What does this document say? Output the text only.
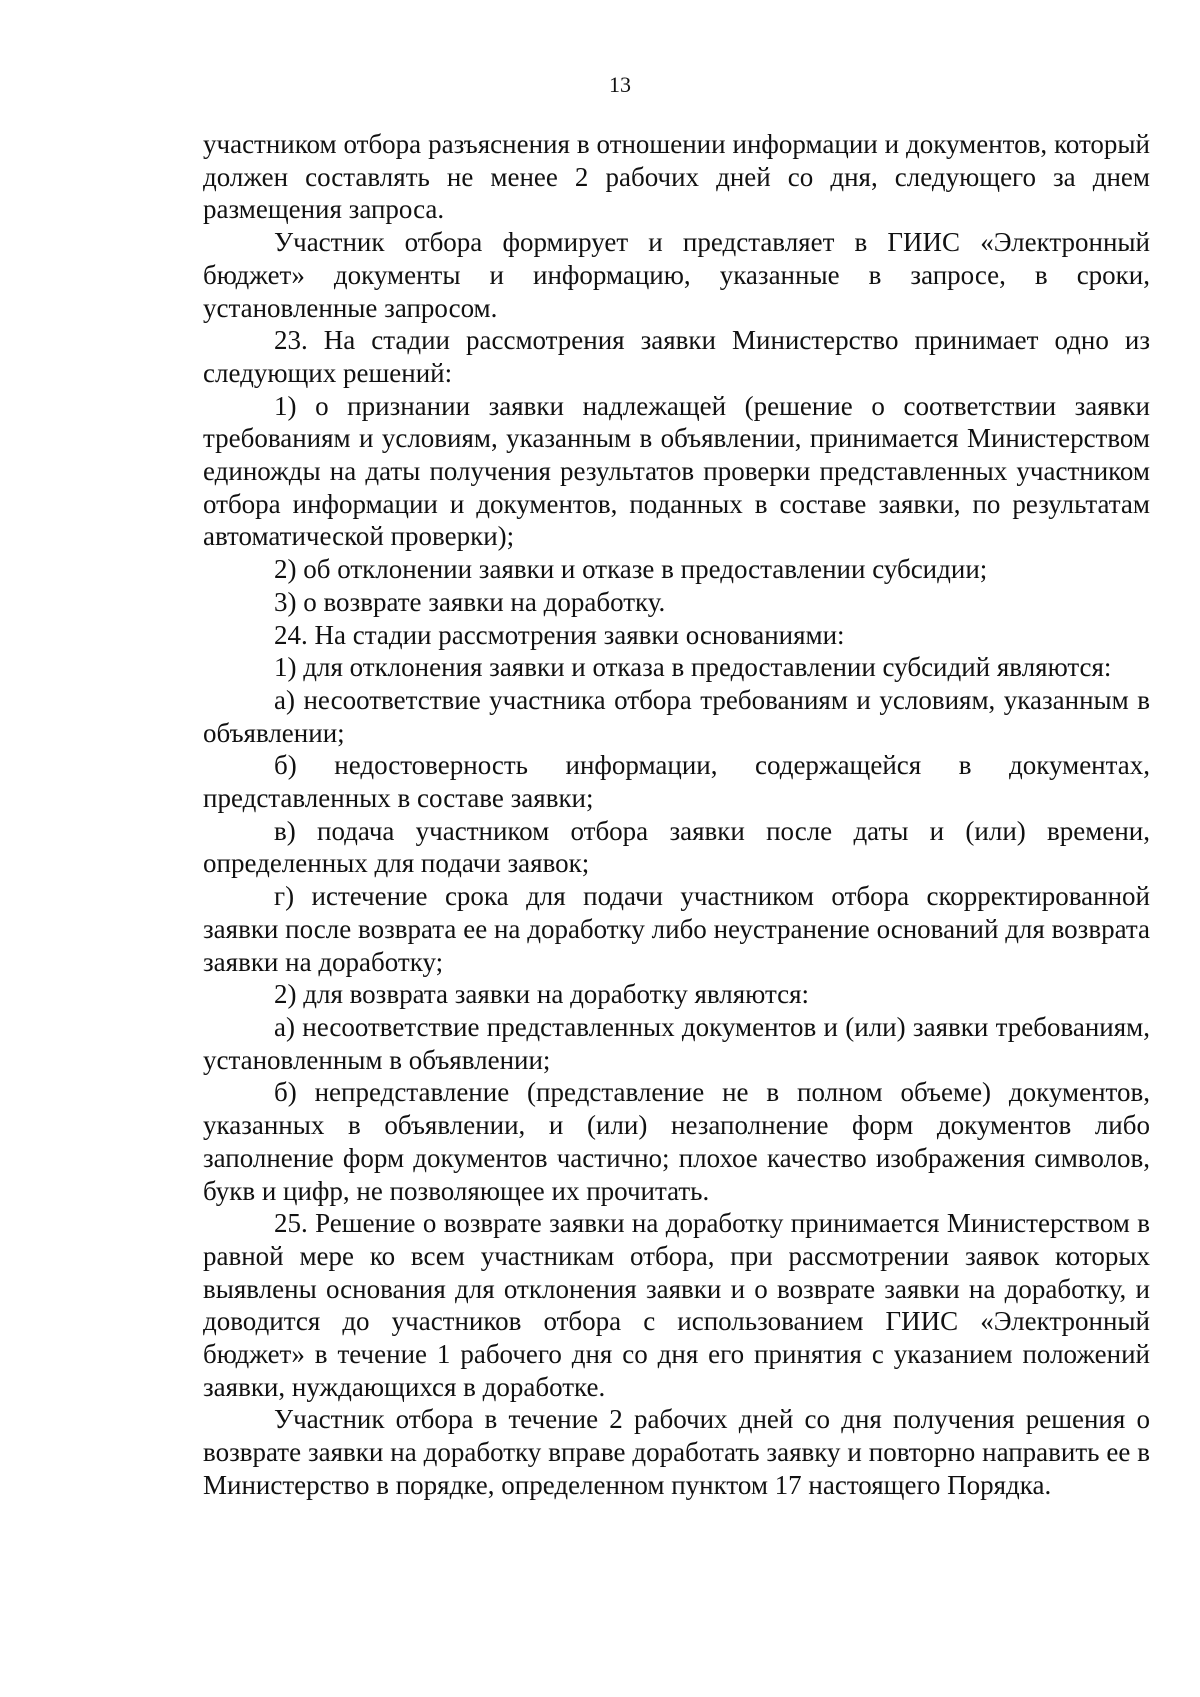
13

участником отбора разъяснения в отношении информации и документов, который должен составлять не менее 2 рабочих дней со дня, следующего за днем размещения запроса.

Участник отбора формирует и представляет в ГИИС «Электронный бюджет» документы и информацию, указанные в запросе, в сроки, установленные запросом.

23. На стадии рассмотрения заявки Министерство принимает одно из следующих решений:

1) о признании заявки надлежащей (решение о соответствии заявки требованиям и условиям, указанным в объявлении, принимается Министерством единожды на даты получения результатов проверки представленных участником отбора информации и документов, поданных в составе заявки, по результатам автоматической проверки);

2) об отклонении заявки и отказе в предоставлении субсидии;

3) о возврате заявки на доработку.

24. На стадии рассмотрения заявки основаниями:

1) для отклонения заявки и отказа в предоставлении субсидий являются:

а) несоответствие участника отбора требованиям и условиям, указанным в объявлении;

б) недостоверность информации, содержащейся в документах, представленных в составе заявки;

в) подача участником отбора заявки после даты и (или) времени, определенных для подачи заявок;

г) истечение срока для подачи участником отбора скорректированной заявки после возврата ее на доработку либо неустранение оснований для возврата заявки на доработку;

2) для возврата заявки на доработку являются:

а) несоответствие представленных документов и (или) заявки требованиям, установленным в объявлении;

б) непредставление (представление не в полном объеме) документов, указанных в объявлении, и (или) незаполнение форм документов либо заполнение форм документов частично; плохое качество изображения символов, букв и цифр, не позволяющее их прочитать.

25. Решение о возврате заявки на доработку принимается Министерством в равной мере ко всем участникам отбора, при рассмотрении заявок которых выявлены основания для отклонения заявки и о возврате заявки на доработку, и доводится до участников отбора с использованием ГИИС «Электронный бюджет» в течение 1 рабочего дня со дня его принятия с указанием положений заявки, нуждающихся в доработке.

Участник отбора в течение 2 рабочих дней со дня получения решения о возврате заявки на доработку вправе доработать заявку и повторно направить ее в Министерство в порядке, определенном пунктом 17 настоящего Порядка.
